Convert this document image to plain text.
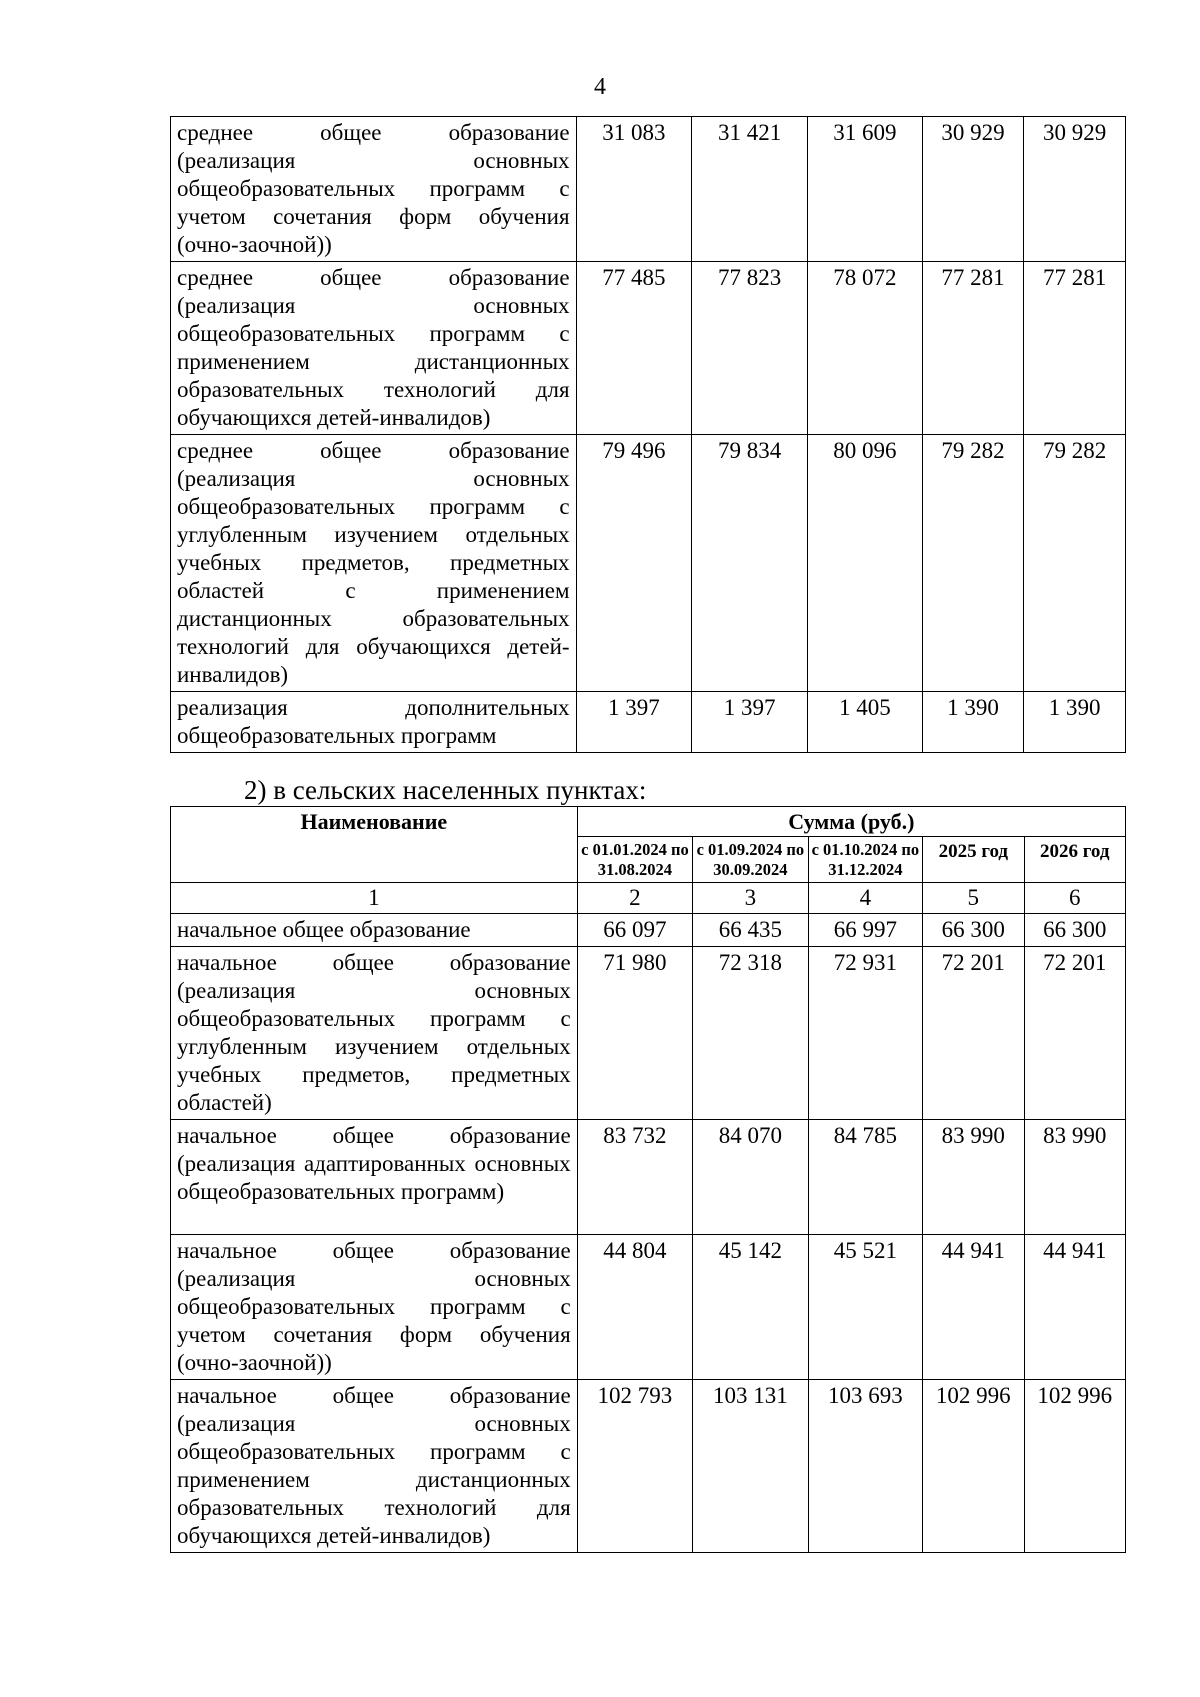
4
среднее общее образование (реализация основных общеобразовательных программ с учетом сочетания форм обучения (очно-заочной))	31 083	31 421	31 609	30 929	30 929
среднее общее образование (реализация основных общеобразовательных программ с применением дистанционных образовательных технологий для обучающихся детей-инвалидов)	77 485	77 823	78 072	77 281	77 281
среднее общее образование (реализация основных общеобразовательных программ с углубленным изучением отдельных учебных предметов, предметных областей с применением дистанционных образовательных технологий для обучающихся детей-инвалидов)	79 496	79 834	80 096	79 282	79 282
реализация дополнительных общеобразовательных программ	1 397	1 397	1 405	1 390	1 390
2) в сельских населенных пунктах:
Наименование	Сумма (руб.)				
	с 01.01.2024 по 31.08.2024	с 01.09.2024 по 30.09.2024	с 01.10.2024 по 31.12.2024	2025 год	2026 год
1	2	3	4	5	6
начальное общее образование	66 097	66 435	66 997	66 300	66 300
начальное общее образование (реализация основных общеобразовательных программ с углубленным изучением отдельных учебных предметов, предметных областей)	71 980	72 318	72 931	72 201	72 201
начальное общее образование (реализация адаптированных основных общеобразовательных программ)	83 732	84 070	84 785	83 990	83 990
начальное общее образование (реализация основных общеобразовательных программ с учетом сочетания форм обучения (очно-заочной))	44 804	45 142	45 521	44 941	44 941
начальное общее образование (реализация основных общеобразовательных программ с применением дистанционных образовательных технологий для обучающихся детей-инвалидов)	102 793	103 131	103 693	102 996	102 996
